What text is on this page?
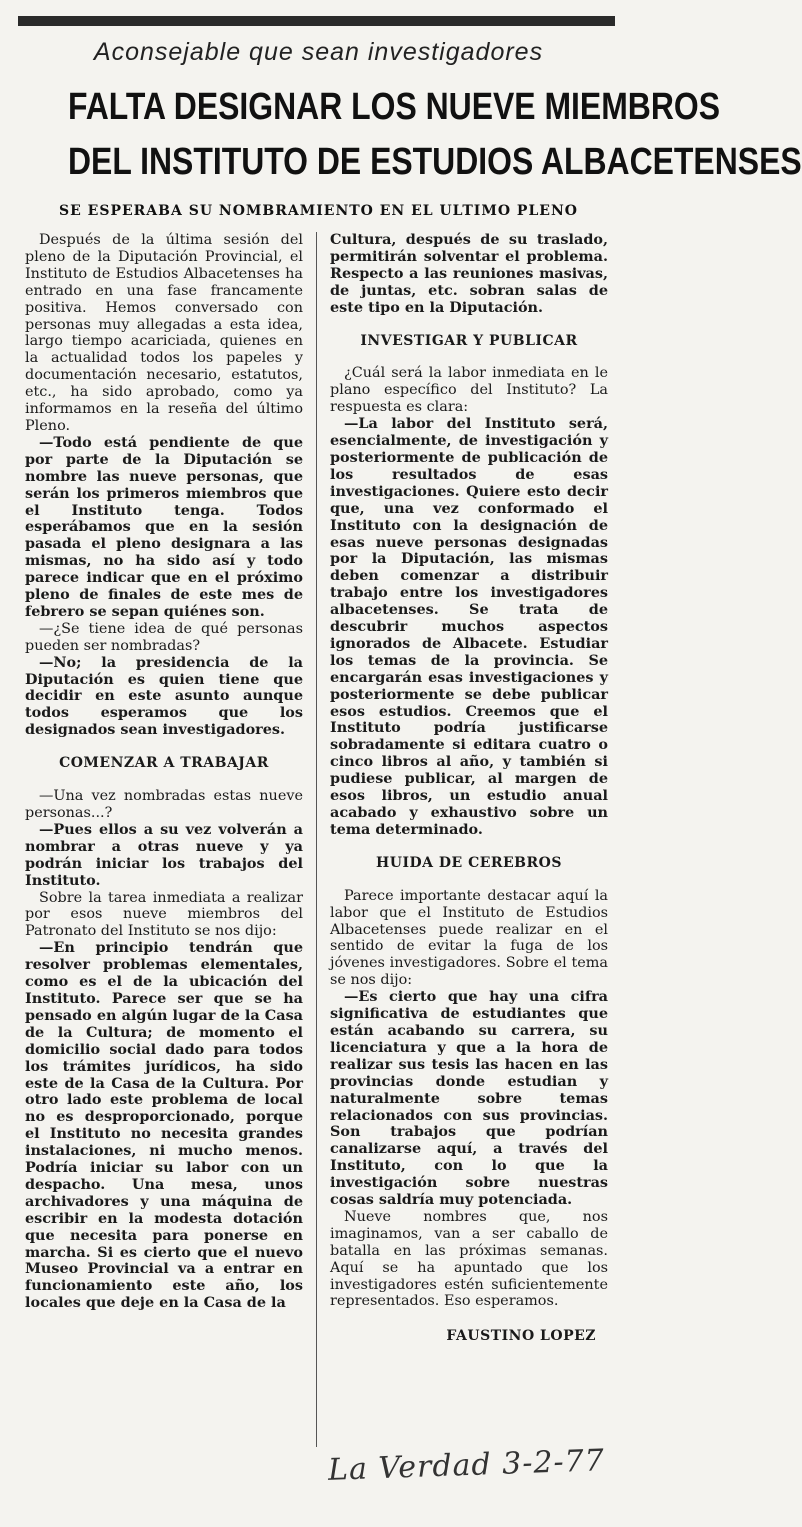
Aconsejable que sean investigadores
FALTA DESIGNAR LOS NUEVE MIEMBROS
DEL INSTITUTO DE ESTUDIOS ALBACETENSES
SE ESPERABA SU NOMBRAMIENTO EN EL ULTIMO PLENO

Después de la última sesión del pleno de la Diputación Provincial, el Instituto de Estudios Albacetenses ha entrado en una fase francamente positiva. Hemos conversado con personas muy allegadas a esta idea, largo tiempo acariciada, quienes en la actualidad todos los papeles y documentación necesario, estatutos, etc., ha sido aprobado, como ya informamos en la reseña del último Pleno.

—Todo está pendiente de que por parte de la Diputación se nombre las nueve personas, que serán los primeros miembros que el Instituto tenga. Todos esperábamos que en la sesión pasada el pleno designara a las mismas, no ha sido así y todo parece indicar que en el próximo pleno de finales de este mes de febrero se sepan quiénes son.

—¿Se tiene idea de qué personas pueden ser nombradas?

—No; la presidencia de la Diputación es quien tiene que decidir en este asunto aunque todos esperamos que los designados sean investigadores.

COMENZAR A TRABAJAR

—Una vez nombradas estas nueve personas...?

—Pues ellos a su vez volverán a nombrar a otras nueve y ya podrán iniciar los trabajos del Instituto.

Sobre la tarea inmediata a realizar por esos nueve miembros del Patronato del Instituto se nos dijo:

—En principio tendrán que resolver problemas elementales, como es el de la ubicación del Instituto. Parece ser que se ha pensado en algún lugar de la Casa de la Cultura; de momento el domicilio social dado para todos los trámites jurídicos, ha sido este de la Casa de la Cultura. Por otro lado este problema de local no es desproporcionado, porque el Instituto no necesita grandes instalaciones, ni mucho menos. Podría iniciar su labor con un despacho. Una mesa, unos archivadores y una máquina de escribir en la modesta dotación que necesita para ponerse en marcha. Si es cierto que el nuevo Museo Provincial va a entrar en funcionamiento este año, los locales que deje en la Casa de la

Cultura, después de su traslado, permitirán solventar el problema. Respecto a las reuniones masivas, de juntas, etc. sobran salas de este tipo en la Diputación.

INVESTIGAR Y PUBLICAR

¿Cuál será la labor inmediata en le plano específico del Instituto? La respuesta es clara:

—La labor del Instituto será, esencialmente, de investigación y posteriormente de publicación de los resultados de esas investigaciones. Quiere esto decir que, una vez conformado el Instituto con la designación de esas nueve personas designadas por la Diputación, las mismas deben comenzar a distribuir trabajo entre los investigadores albacetenses. Se trata de descubrir muchos aspectos ignorados de Albacete. Estudiar los temas de la provincia. Se encargarán esas investigaciones y posteriormente se debe publicar esos estudios. Creemos que el Instituto podría justificarse sobradamente si editara cuatro o cinco libros al año, y también si pudiese publicar, al margen de esos libros, un estudio anual acabado y exhaustivo sobre un tema determinado.

HUIDA DE CEREBROS

Parece importante destacar aquí la labor que el Instituto de Estudios Albacetenses puede realizar en el sentido de evitar la fuga de los jóvenes investigadores. Sobre el tema se nos dijo:

—Es cierto que hay una cifra significativa de estudiantes que están acabando su carrera, su licenciatura y que a la hora de realizar sus tesis las hacen en las provincias donde estudian y naturalmente sobre temas relacionados con sus provincias. Son trabajos que podrían canalizarse aquí, a través del Instituto, con lo que la investigación sobre nuestras cosas saldría muy potenciada.

Nueve nombres que, nos imaginamos, van a ser caballo de batalla en las próximas semanas. Aquí se ha apuntado que los investigadores estén suficientemente representados. Eso esperamos.

FAUSTINO LOPEZ
La Verdad 3-2-77
